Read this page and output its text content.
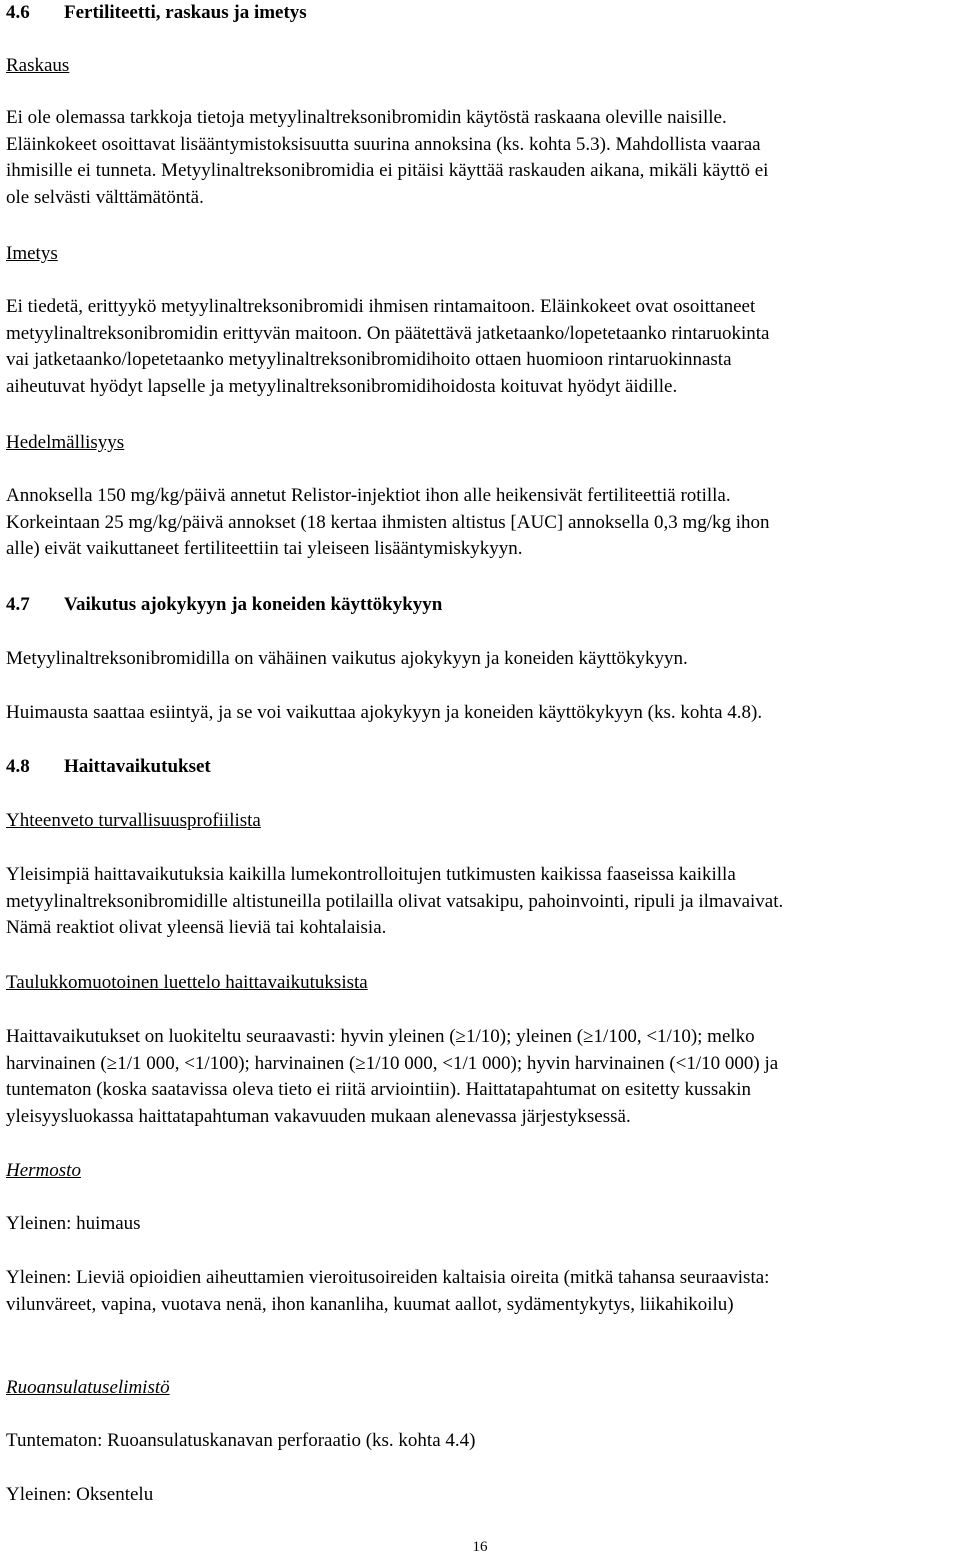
4.6 Fertiliteetti, raskaus ja imetys
Raskaus
Ei ole olemassa tarkkoja tietoja metyylinaltreksonibromidin käytöstä raskaana oleville naisille.
Eläinkokeet osoittavat lisääntymistoksisuutta suurina annoksina (ks. kohta 5.3). Mahdollista vaaraa
ihmisille ei tunneta. Metyylinaltreksonibromidia ei pitäisi käyttää raskauden aikana, mikäli käyttö ei
ole selvästi välttämätöntä.
Imetys
Ei tiedetä, erittyykö metyylinaltreksonibromidi ihmisen rintamaitoon. Eläinkokeet ovat osoittaneet
metyylinaltreksonibromidin erittyvän maitoon. On päätettävä jatketaanko/lopetetaanko rintaruokinta
vai jatketaanko/lopetetaanko metyylinaltreksonibromidihoito ottaen huomioon rintaruokinnasta
aiheutuvat hyödyt lapselle ja metyylinaltreksonibromidihoidosta koituvat hyödyt äidille.
Hedelmällisyys
Annoksella 150 mg/kg/päivä annetut Relistor-injektiot ihon alle heikensivät fertiliteettiä rotilla.
Korkeintaan 25 mg/kg/päivä annokset (18 kertaa ihmisten altistus [AUC] annoksella 0,3 mg/kg ihon
alle) eivät vaikuttaneet fertiliteettiin tai yleiseen lisääntymiskykyyn.
4.7 Vaikutus ajokykyyn ja koneiden käyttökykyyn
Metyylinaltreksonibromidilla on vähäinen vaikutus ajokykyyn ja koneiden käyttökykyyn.
Huimausta saattaa esiintyä, ja se voi vaikuttaa ajokykyyn ja koneiden käyttökykyyn (ks. kohta 4.8).
4.8 Haittavaikutukset
Yhteenveto turvallisuusprofiilista
Yleisimpiä haittavaikutuksia kaikilla lumekontrolloitujen tutkimusten kaikissa faaseissa kaikilla
metyylinaltreksonibromidille altistuneilla potilailla olivat vatsakipu, pahoinvointi, ripuli ja ilmavaivat.
Nämä reaktiot olivat yleensä lieviä tai kohtalaisia.
Taulukkomuotoinen luettelo haittavaikutuksista
Haittavaikutukset on luokiteltu seuraavasti: hyvin yleinen (≥1/10); yleinen (≥1/100, <1/10); melko
harvinainen (≥1/1 000, <1/100); harvinainen (≥1/10 000, <1/1 000); hyvin harvinainen (<1/10 000) ja
tuntematon (koska saatavissa oleva tieto ei riitä arviointiin). Haittatapahtumat on esitetty kussakin
yleisyysluokassa haittatapahtuman vakavuuden mukaan alenevassa järjestyksessä.
Hermosto
Yleinen: huimaus
Yleinen: Lieviä opioidien aiheuttamien vieroitusoireiden kaltaisia oireita (mitkä tahansa seuraavista:
vilunväreet, vapina, vuotava nenä, ihon kananliha, kuumat aallot, sydämentykytys, liikahikoilu)
Ruoansulatuselimistö
Tuntematon: Ruoansulatuskanavan perforaatio (ks. kohta 4.4)
Yleinen: Oksentelu
16
